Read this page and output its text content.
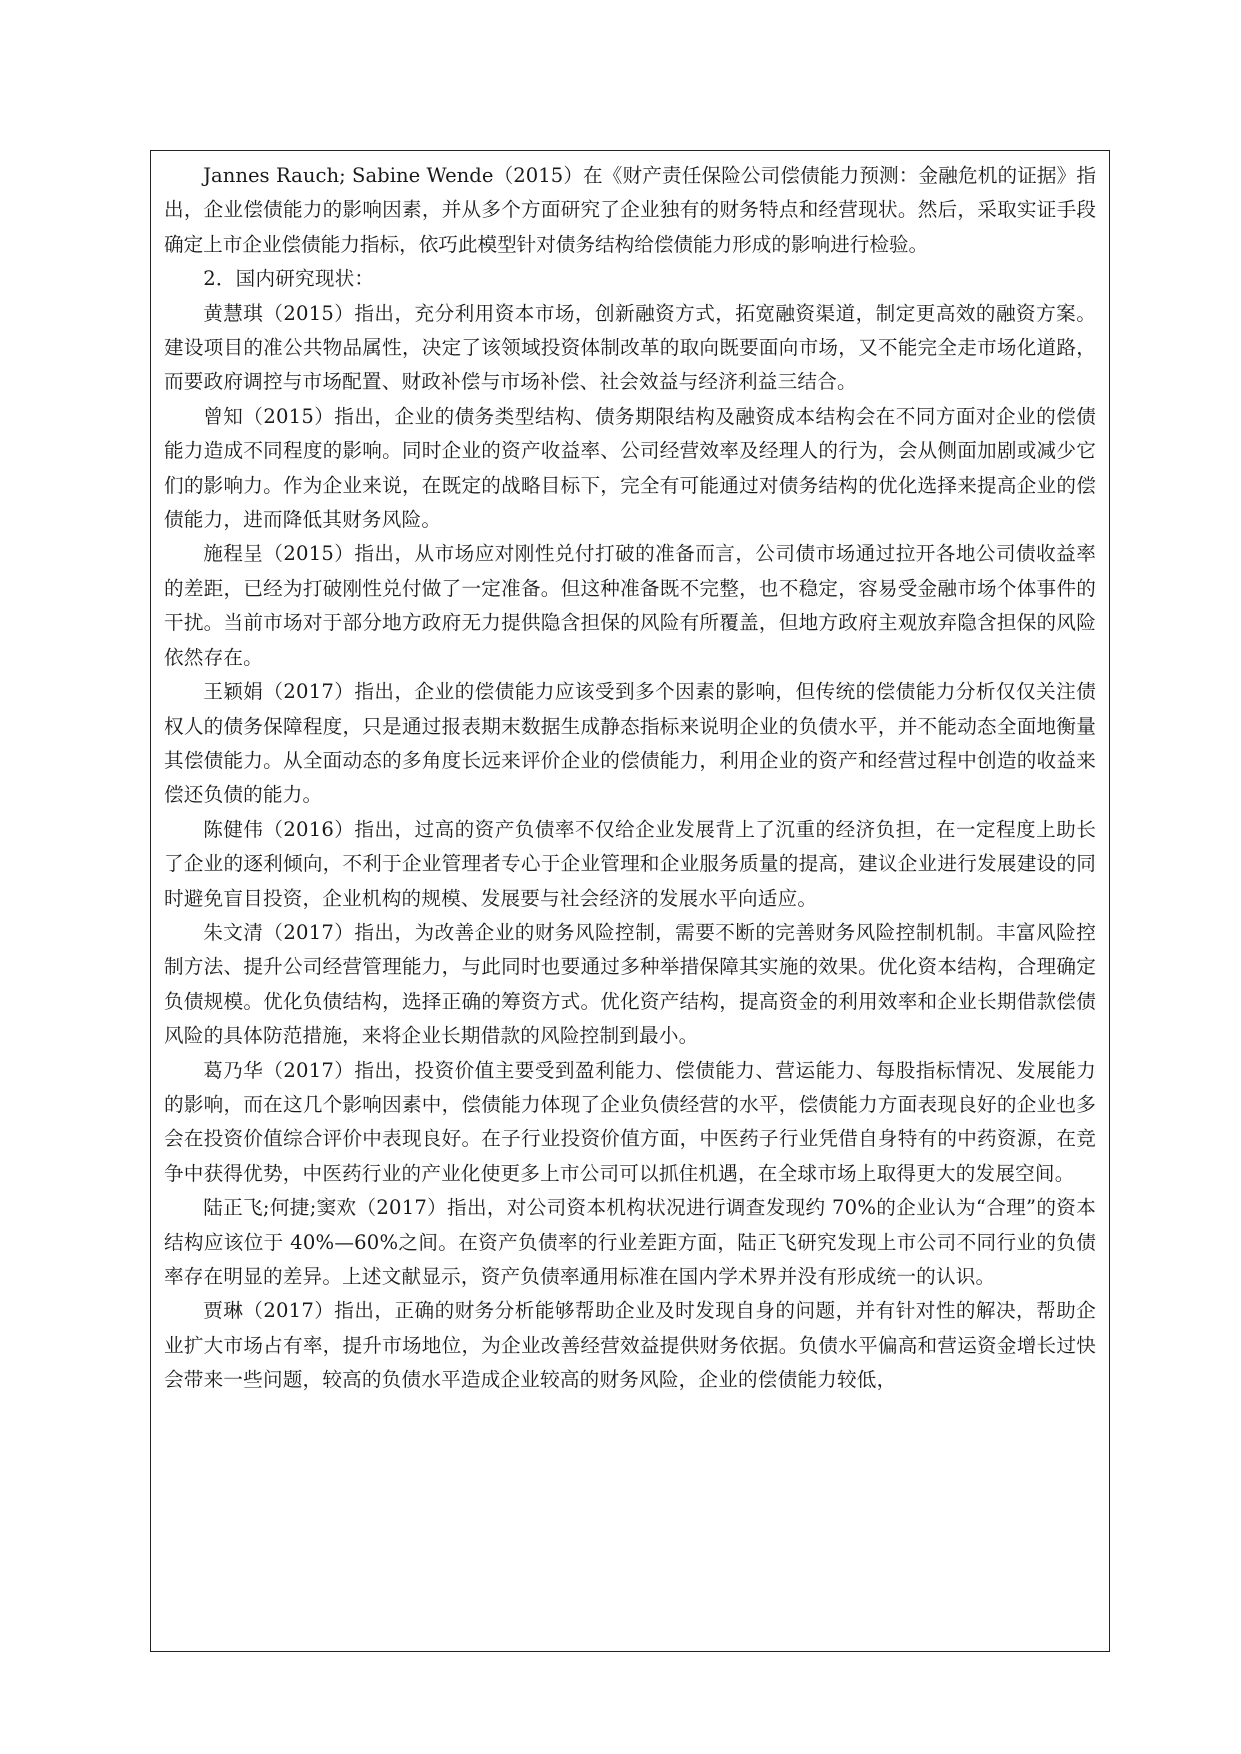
Jannes Rauch; Sabine Wende（2015）在《财产责任保险公司偿债能力预测：金融危机的证据》指出，企业偿债能力的影响因素，并从多个方面研究了企业独有的财务特点和经营现状。然后，采取实证手段确定上市企业偿债能力指标，依巧此模型针对债务结构给偿债能力形成的影响进行检验。

2．国内研究现状：

黄慧琪（2015）指出，充分利用资本市场，创新融资方式，拓宽融资渠道，制定更高效的融资方案。建设项目的准公共物品属性，决定了该领域投资体制改革的取向既要面向市场，又不能完全走市场化道路，而要政府调控与市场配置、财政补偿与市场补偿、社会效益与经济利益三结合。

曾知（2015）指出，企业的债务类型结构、债务期限结构及融资成本结构会在不同方面对企业的偿债能力造成不同程度的影响。同时企业的资产收益率、公司经营效率及经理人的行为，会从侧面加剧或减少它们的影响力。作为企业来说，在既定的战略目标下，完全有可能通过对债务结构的优化选择来提高企业的偿债能力，进而降低其财务风险。

施程呈（2015）指出，从市场应对刚性兑付打破的准备而言，公司债市场通过拉开各地公司债收益率的差距，已经为打破刚性兑付做了一定准备。但这种准备既不完整，也不稳定，容易受金融市场个体事件的干扰。当前市场对于部分地方政府无力提供隐含担保的风险有所覆盖，但地方政府主观放弃隐含担保的风险依然存在。

王颖娟（2017）指出，企业的偿债能力应该受到多个因素的影响，但传统的偿债能力分析仅仅关注债权人的债务保障程度，只是通过报表期末数据生成静态指标来说明企业的负债水平，并不能动态全面地衡量其偿债能力。从全面动态的多角度长远来评价企业的偿债能力，利用企业的资产和经营过程中创造的收益来偿还负债的能力。

陈健伟（2016）指出，过高的资产负债率不仅给企业发展背上了沉重的经济负担，在一定程度上助长了企业的逐利倾向，不利于企业管理者专心于企业管理和企业服务质量的提高，建议企业进行发展建设的同时避免盲目投资，企业机构的规模、发展要与社会经济的发展水平向适应。

朱文清（2017）指出，为改善企业的财务风险控制，需要不断的完善财务风险控制机制。丰富风险控制方法、提升公司经营管理能力，与此同时也要通过多种举措保障其实施的效果。优化资本结构，合理确定负债规模。优化负债结构，选择正确的筹资方式。优化资产结构，提高资金的利用效率和企业长期借款偿债风险的具体防范措施，来将企业长期借款的风险控制到最小。

葛乃华（2017）指出，投资价值主要受到盈利能力、偿债能力、营运能力、每股指标情况、发展能力的影响，而在这几个影响因素中，偿债能力体现了企业负债经营的水平，偿债能力方面表现良好的企业也多会在投资价值综合评价中表现良好。在子行业投资价值方面，中医药子行业凭借自身特有的中药资源，在竞争中获得优势，中医药行业的产业化使更多上市公司可以抓住机遇，在全球市场上取得更大的发展空间。

陆正飞;何捷;窦欢（2017）指出，对公司资本机构状况进行调查发现约 70%的企业认为“合理”的资本结构应该位于 40%—60%之间。在资产负债率的行业差距方面，陆正飞研究发现上市公司不同行业的负债率存在明显的差异。上述文献显示，资产负债率通用标准在国内学术界并没有形成统一的认识。

贾琳（2017）指出，正确的财务分析能够帮助企业及时发现自身的问题，并有针对性的解决，帮助企业扩大市场占有率，提升市场地位，为企业改善经营效益提供财务依据。负债水平偏高和营运资金增长过快会带来一些问题，较高的负债水平造成企业较高的财务风险，企业的偿债能力较低，
